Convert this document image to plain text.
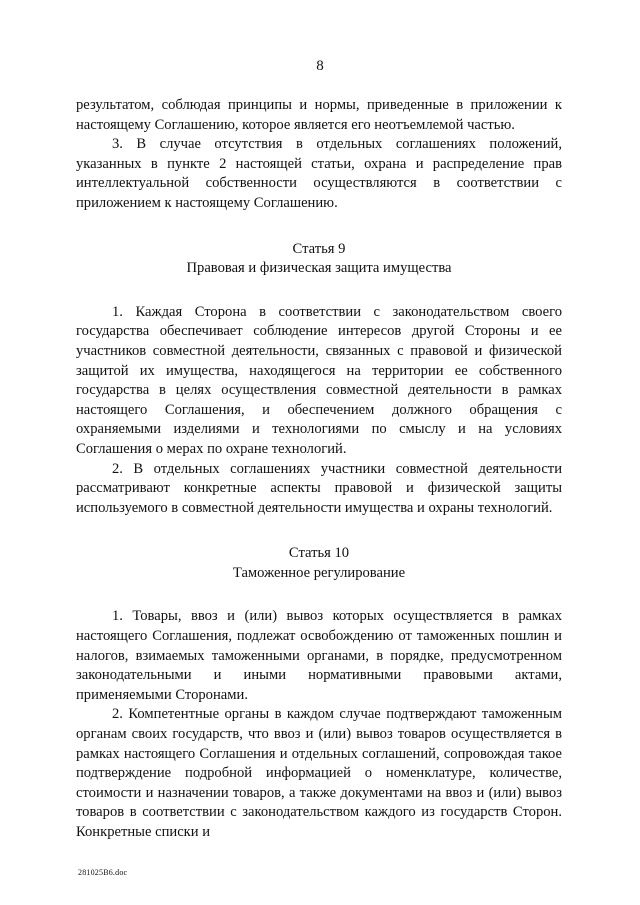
8

результатом, соблюдая принципы и нормы, приведенные в приложении к настоящему Соглашению, которое является его неотъемлемой частью.

3. В случае отсутствия в отдельных соглашениях положений, указанных в пункте 2 настоящей статьи, охрана и распределение прав интеллектуальной собственности осуществляются в соответствии с приложением к настоящему Соглашению.

Статья 9

Правовая и физическая защита имущества

1. Каждая Сторона в соответствии с законодательством своего государства обеспечивает соблюдение интересов другой Стороны и ее участников совместной деятельности, связанных с правовой и физической защитой их имущества, находящегося на территории ее собственного государства в целях осуществления совместной деятельности в рамках настоящего Соглашения, и обеспечением должного обращения с охраняемыми изделиями и технологиями по смыслу и на условиях Соглашения о мерах по охране технологий.

2. В отдельных соглашениях участники совместной деятельности рассматривают конкретные аспекты правовой и физической защиты используемого в совместной деятельности имущества и охраны технологий.

Статья 10

Таможенное регулирование

1. Товары, ввоз и (или) вывоз которых осуществляется в рамках настоящего Соглашения, подлежат освобождению от таможенных пошлин и налогов, взимаемых таможенными органами, в порядке, предусмотренном законодательными и иными нормативными правовыми актами, применяемыми Сторонами.

2. Компетентные органы в каждом случае подтверждают таможенным органам своих государств, что ввоз и (или) вывоз товаров осуществляется в рамках настоящего Соглашения и отдельных соглашений, сопровождая такое подтверждение подробной информацией о номенклатуре, количестве, стоимости и назначении товаров, а также документами на ввоз и (или) вывоз товаров в соответствии с законодательством каждого из государств Сторон. Конкретные списки и

281025B6.doc
